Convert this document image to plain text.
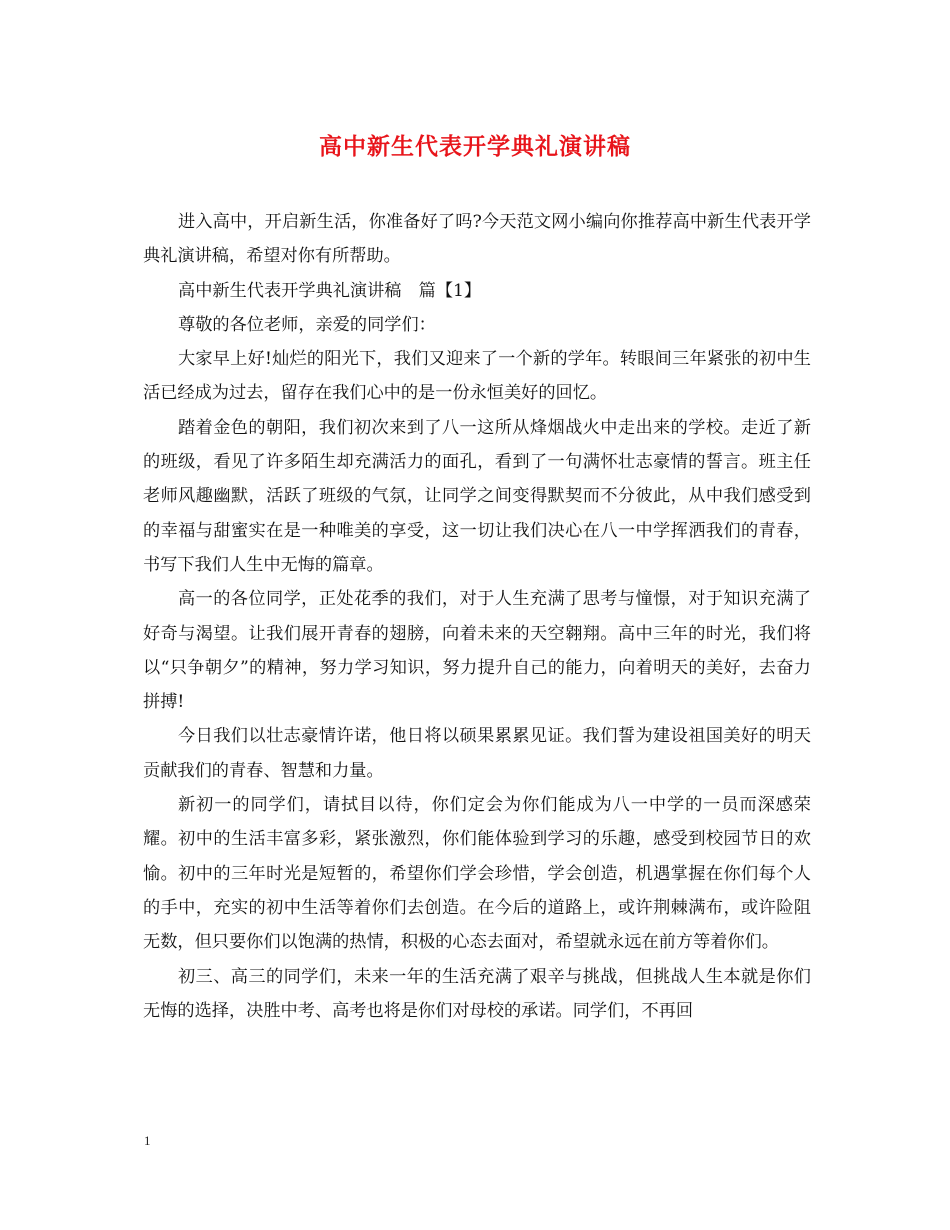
高中新生代表开学典礼演讲稿

进入高中，开启新生活，你准备好了吗?今天范文网小编向你推荐高中新生代表开学典礼演讲稿，希望对你有所帮助。

高中新生代表开学典礼演讲稿　篇【1】

尊敬的各位老师，亲爱的同学们：

大家早上好!灿烂的阳光下，我们又迎来了一个新的学年。转眼间三年紧张的初中生活已经成为过去，留存在我们心中的是一份永恒美好的回忆。

踏着金色的朝阳，我们初次来到了八一这所从烽烟战火中走出来的学校。走近了新的班级，看见了许多陌生却充满活力的面孔，看到了一句满怀壮志豪情的誓言。班主任老师风趣幽默，活跃了班级的气氛，让同学之间变得默契而不分彼此，从中我们感受到的幸福与甜蜜实在是一种唯美的享受，这一切让我们决心在八一中学挥洒我们的青春，书写下我们人生中无悔的篇章。

高一的各位同学，正处花季的我们，对于人生充满了思考与憧憬，对于知识充满了好奇与渴望。让我们展开青春的翅膀，向着未来的天空翱翔。高中三年的时光，我们将以“只争朝夕”的精神，努力学习知识，努力提升自己的能力，向着明天的美好，去奋力拼搏!

今日我们以壮志豪情许诺，他日将以硕果累累见证。我们誓为建设祖国美好的明天贡献我们的青春、智慧和力量。

新初一的同学们，请拭目以待，你们定会为你们能成为八一中学的一员而深感荣耀。初中的生活丰富多彩，紧张激烈，你们能体验到学习的乐趣，感受到校园节日的欢愉。初中的三年时光是短暂的，希望你们学会珍惜，学会创造，机遇掌握在你们每个人的手中，充实的初中生活等着你们去创造。在今后的道路上，或许荆棘满布，或许险阻无数，但只要你们以饱满的热情，积极的心态去面对，希望就永远在前方等着你们。

初三、高三的同学们，未来一年的生活充满了艰辛与挑战，但挑战人生本就是你们无悔的选择，决胜中考、高考也将是你们对母校的承诺。同学们，不再回

1
